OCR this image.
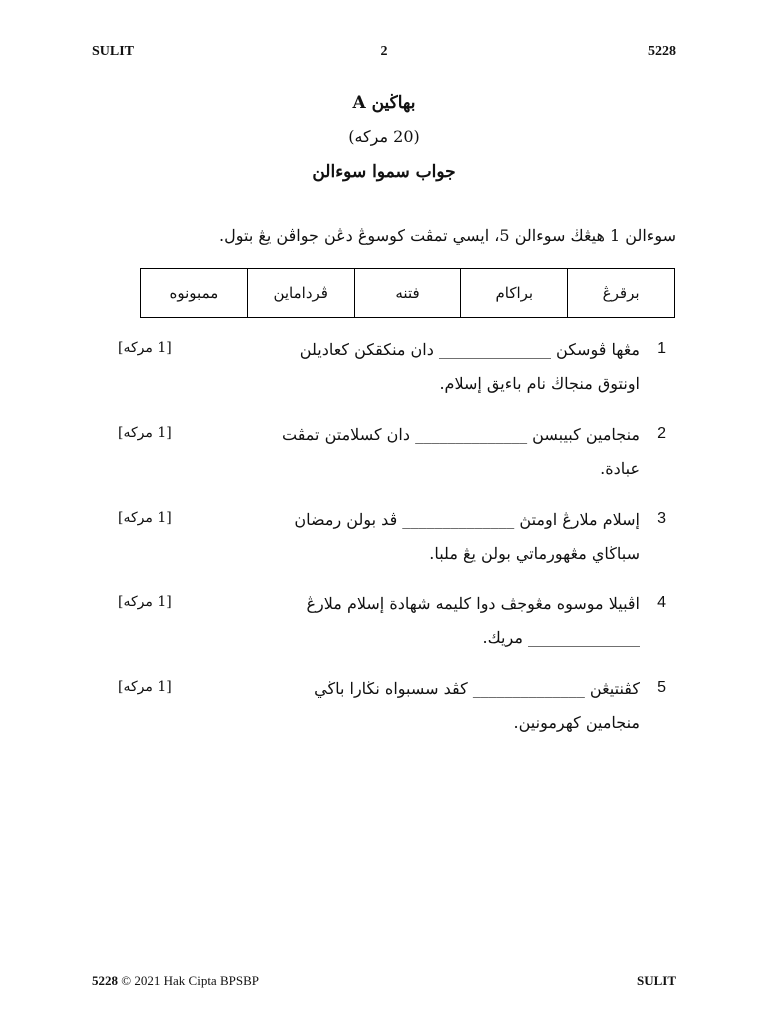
SULIT	2	5228
بهاڬين A
(20 مركه)
جواب سموا سوءالن
سوءالن 1 هيڠڬ سوءالن 5، ايسي تمڤت كوسوڠ دڠن جواڤن يڠ بتول.
برقرڠ	براكام	فتنه	ڤرداماين	ممبونوه
1
مڠها ڤوسكن ______________ دان منكقكن كعاديلن
اونتوق منجاڬ نام باءيق إسلام.
[1 مركه]
2
منجامين كبيبسن ______________ دان كسلامتن تمڤت
عبادة.
[1 مركه]
3
إسلام ملارڠ اومتڽ ______________ ڤد بولن رمضان
سباڬاي مڠهورماتي بولن يڠ ملبا.
[1 مركه]
4
اڤبيلا موسوه مڠوجڤ دوا كليمه شهادة إسلام ملارڠ
______________ مريك.
[1 مركه]
5
كڤنتيڠن ______________ كڤد سسبواه نڬارا باڬي
منجامين كهرمونين.
[1 مركه]
5228 © 2021 Hak Cipta BPSBP	SULIT
